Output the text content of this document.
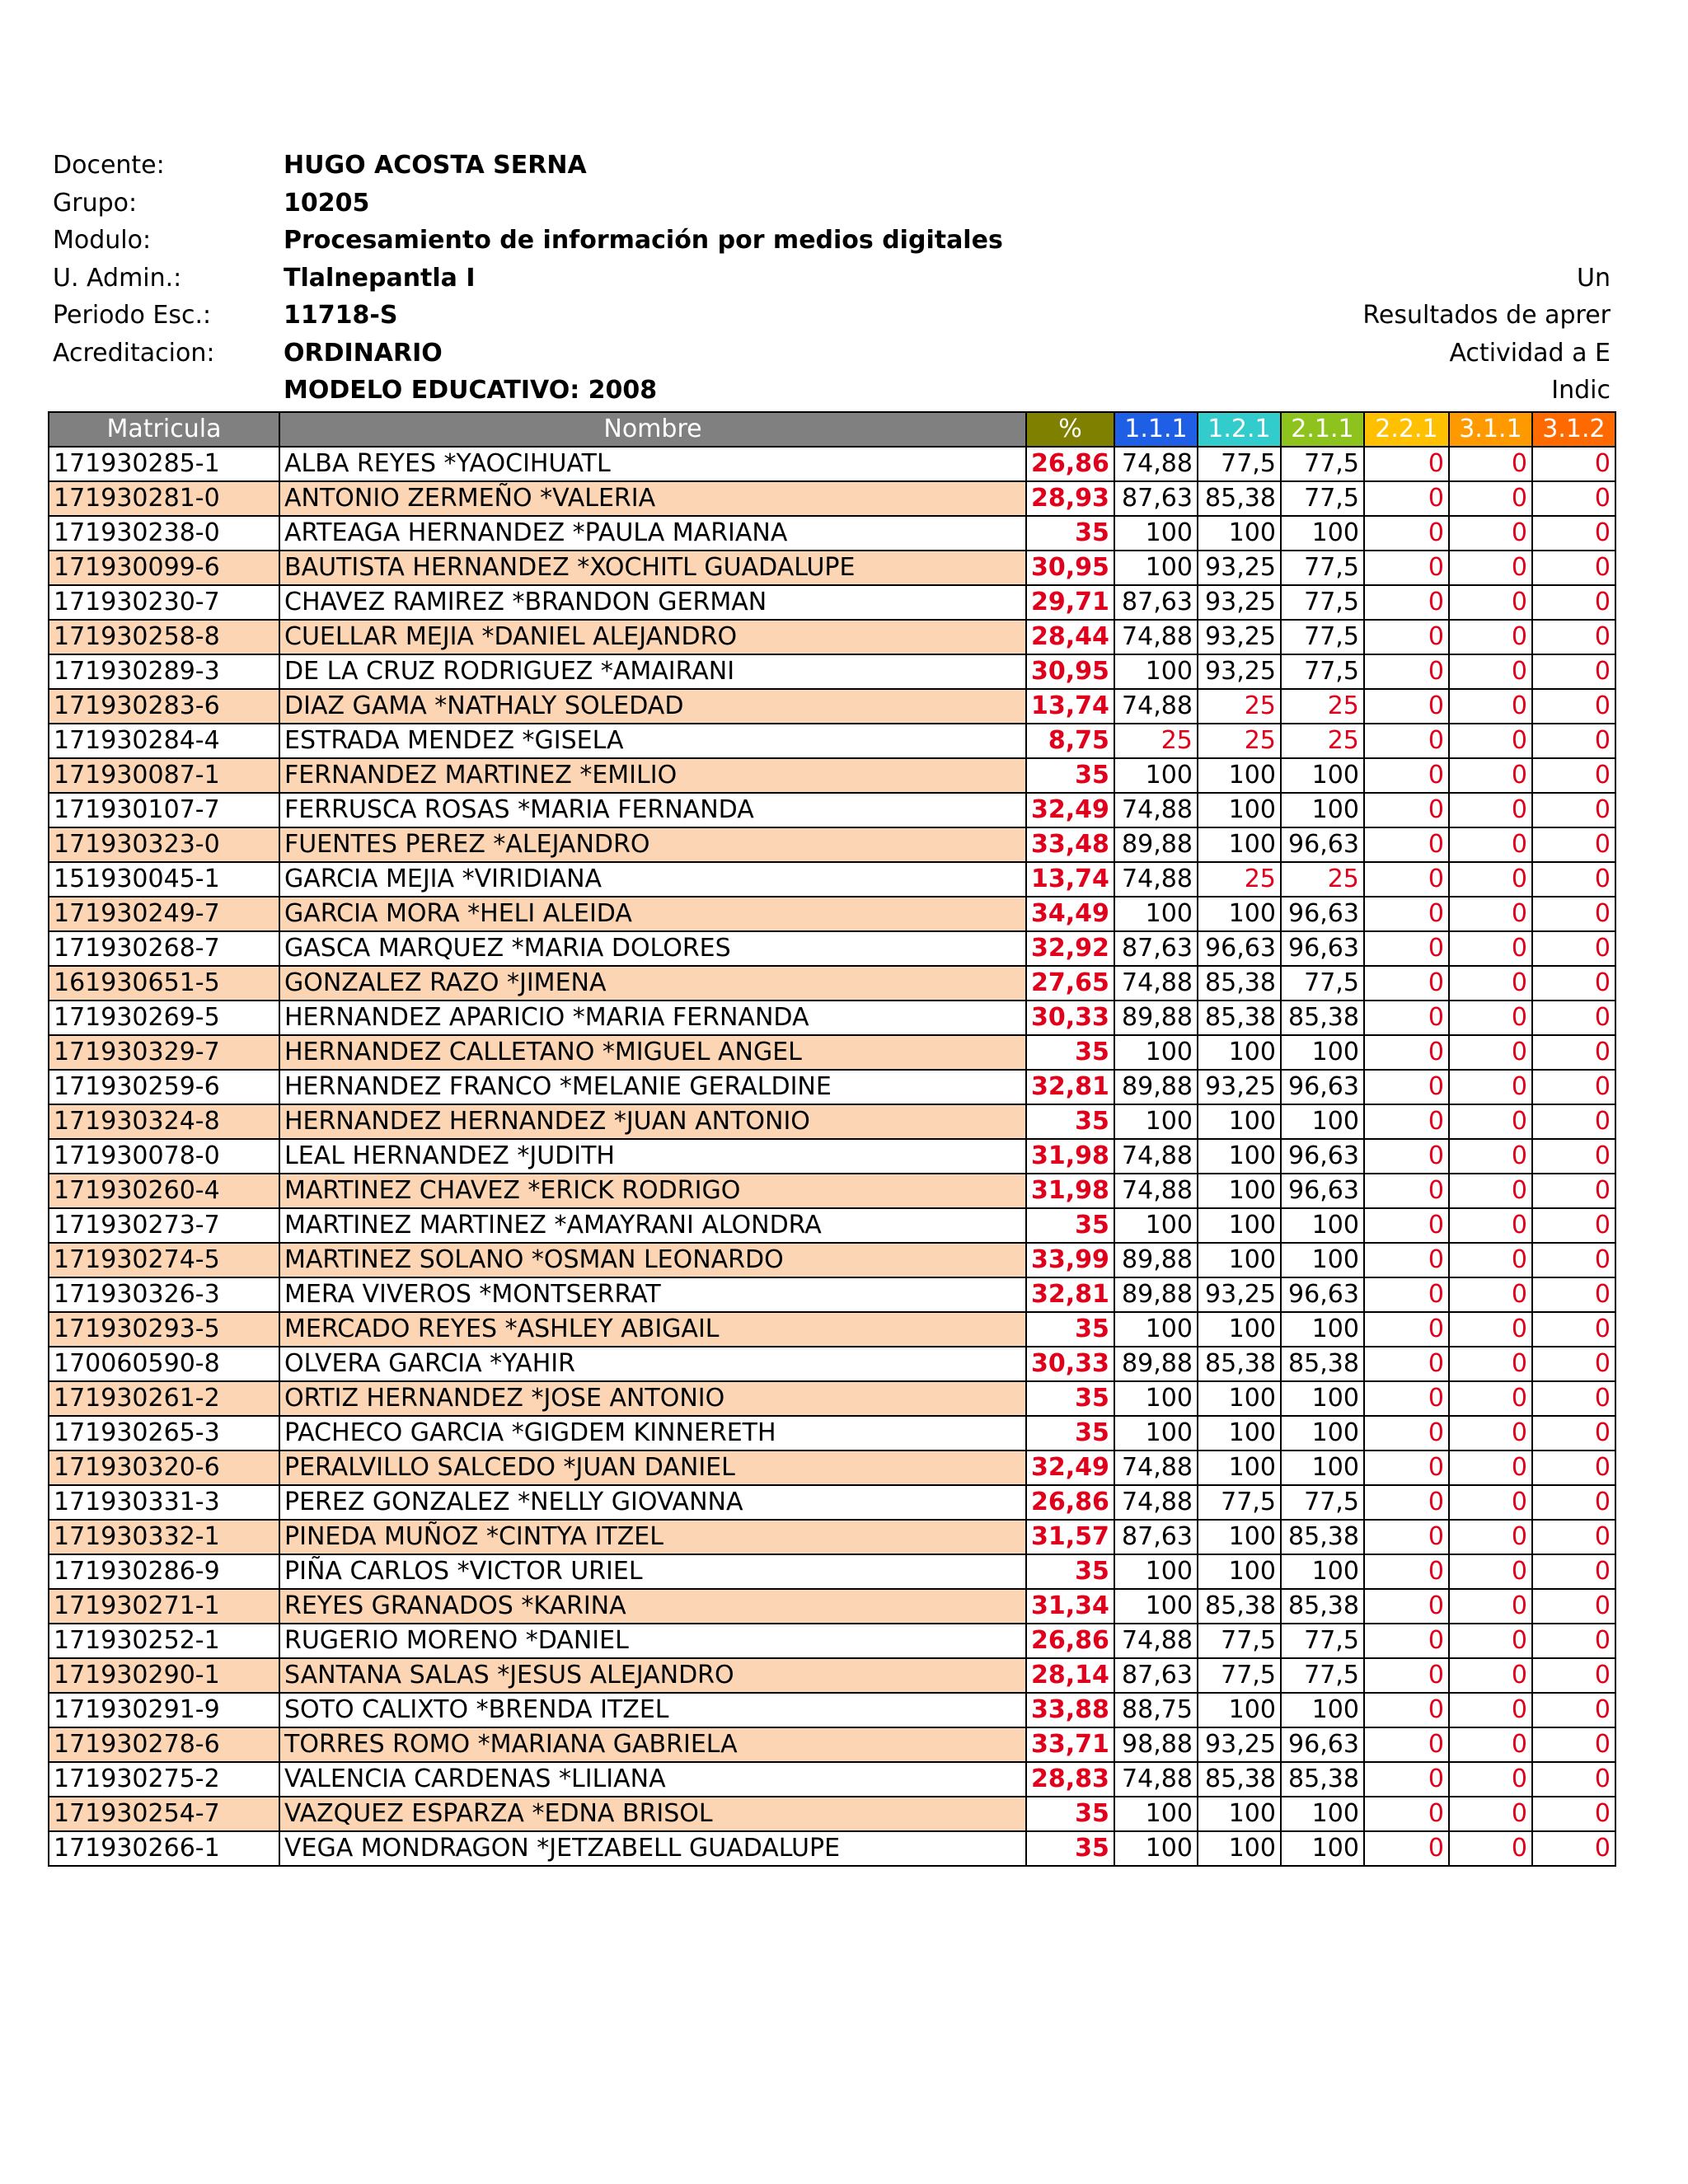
Docente:	HUGO ACOSTA SERNA
Grupo:	10205
Modulo:	Procesamiento de información por medios digitales
U. Admin.:	Tlalnepantla I	Un
Periodo Esc.:	11718-S	Resultados de aprer
Acreditacion:	ORDINARIO	Actividad a E
MODELO EDUCATIVO: 2008	Indic
Matricula	Nombre	%	1.1.1	1.2.1	2.1.1	2.2.1	3.1.1	3.1.2
171930285-1	ALBA REYES *YAOCIHUATL	26,86	74,88	77,5	77,5	0	0	0
171930281-0	ANTONIO ZERMEÑO *VALERIA	28,93	87,63	85,38	77,5	0	0	0
171930238-0	ARTEAGA HERNANDEZ *PAULA MARIANA	35	100	100	100	0	0	0
171930099-6	BAUTISTA HERNANDEZ *XOCHITL GUADALUPE	30,95	100	93,25	77,5	0	0	0
171930230-7	CHAVEZ RAMIREZ *BRANDON GERMAN	29,71	87,63	93,25	77,5	0	0	0
171930258-8	CUELLAR MEJIA *DANIEL ALEJANDRO	28,44	74,88	93,25	77,5	0	0	0
171930289-3	DE LA CRUZ RODRIGUEZ *AMAIRANI	30,95	100	93,25	77,5	0	0	0
171930283-6	DIAZ GAMA *NATHALY SOLEDAD	13,74	74,88	25	25	0	0	0
171930284-4	ESTRADA MENDEZ *GISELA	8,75	25	25	25	0	0	0
171930087-1	FERNANDEZ MARTINEZ *EMILIO	35	100	100	100	0	0	0
171930107-7	FERRUSCA ROSAS *MARIA FERNANDA	32,49	74,88	100	100	0	0	0
171930323-0	FUENTES PEREZ *ALEJANDRO	33,48	89,88	100	96,63	0	0	0
151930045-1	GARCIA MEJIA *VIRIDIANA	13,74	74,88	25	25	0	0	0
171930249-7	GARCIA MORA *HELI ALEIDA	34,49	100	100	96,63	0	0	0
171930268-7	GASCA MARQUEZ *MARIA DOLORES	32,92	87,63	96,63	96,63	0	0	0
161930651-5	GONZALEZ RAZO *JIMENA	27,65	74,88	85,38	77,5	0	0	0
171930269-5	HERNANDEZ APARICIO *MARIA FERNANDA	30,33	89,88	85,38	85,38	0	0	0
171930329-7	HERNANDEZ CALLETANO *MIGUEL ANGEL	35	100	100	100	0	0	0
171930259-6	HERNANDEZ FRANCO *MELANIE GERALDINE	32,81	89,88	93,25	96,63	0	0	0
171930324-8	HERNANDEZ HERNANDEZ *JUAN ANTONIO	35	100	100	100	0	0	0
171930078-0	LEAL HERNANDEZ *JUDITH	31,98	74,88	100	96,63	0	0	0
171930260-4	MARTINEZ CHAVEZ *ERICK RODRIGO	31,98	74,88	100	96,63	0	0	0
171930273-7	MARTINEZ MARTINEZ *AMAYRANI ALONDRA	35	100	100	100	0	0	0
171930274-5	MARTINEZ SOLANO *OSMAN LEONARDO	33,99	89,88	100	100	0	0	0
171930326-3	MERA VIVEROS *MONTSERRAT	32,81	89,88	93,25	96,63	0	0	0
171930293-5	MERCADO REYES *ASHLEY ABIGAIL	35	100	100	100	0	0	0
170060590-8	OLVERA GARCIA *YAHIR	30,33	89,88	85,38	85,38	0	0	0
171930261-2	ORTIZ HERNANDEZ *JOSE ANTONIO	35	100	100	100	0	0	0
171930265-3	PACHECO GARCIA *GIGDEM KINNERETH	35	100	100	100	0	0	0
171930320-6	PERALVILLO SALCEDO *JUAN DANIEL	32,49	74,88	100	100	0	0	0
171930331-3	PEREZ GONZALEZ *NELLY GIOVANNA	26,86	74,88	77,5	77,5	0	0	0
171930332-1	PINEDA MUÑOZ *CINTYA ITZEL	31,57	87,63	100	85,38	0	0	0
171930286-9	PIÑA CARLOS *VICTOR URIEL	35	100	100	100	0	0	0
171930271-1	REYES GRANADOS *KARINA	31,34	100	85,38	85,38	0	0	0
171930252-1	RUGERIO MORENO *DANIEL	26,86	74,88	77,5	77,5	0	0	0
171930290-1	SANTANA SALAS *JESUS ALEJANDRO	28,14	87,63	77,5	77,5	0	0	0
171930291-9	SOTO CALIXTO *BRENDA ITZEL	33,88	88,75	100	100	0	0	0
171930278-6	TORRES ROMO *MARIANA GABRIELA	33,71	98,88	93,25	96,63	0	0	0
171930275-2	VALENCIA CARDENAS *LILIANA	28,83	74,88	85,38	85,38	0	0	0
171930254-7	VAZQUEZ ESPARZA *EDNA BRISOL	35	100	100	100	0	0	0
171930266-1	VEGA MONDRAGON *JETZABELL GUADALUPE	35	100	100	100	0	0	0
